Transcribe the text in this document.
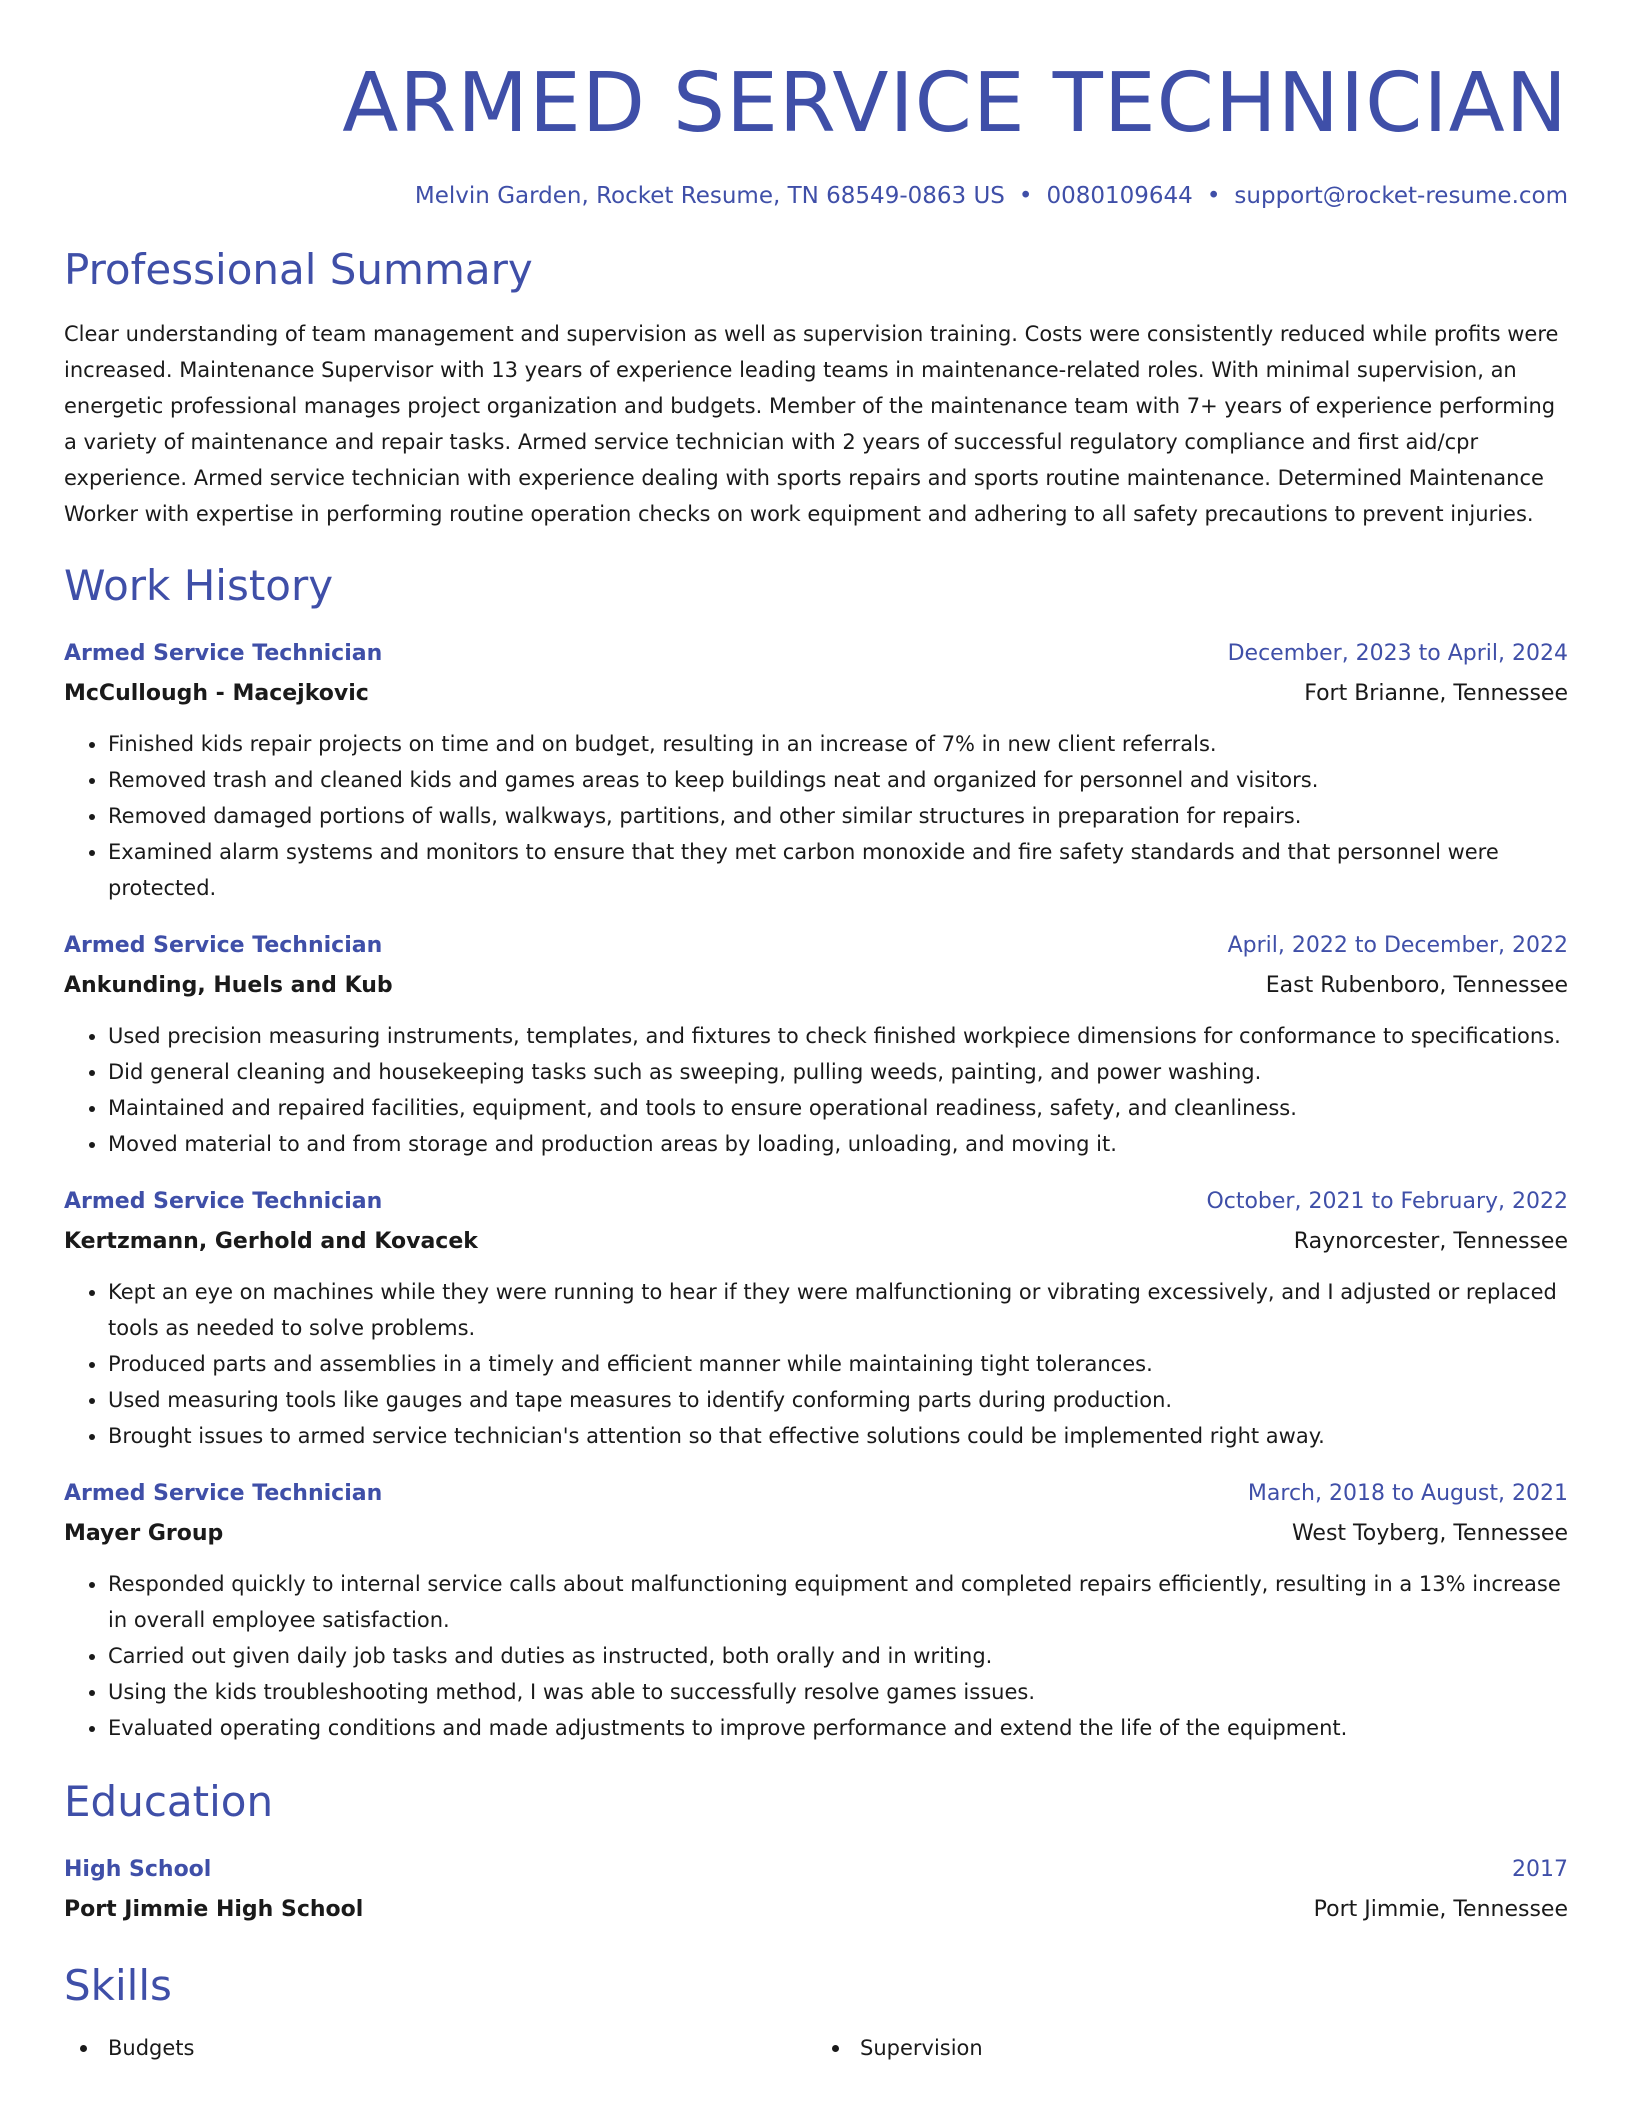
ARMED SERVICE TECHNICIAN
Melvin Garden, Rocket Resume, TN 68549-0863 US • 0080109644 • support@rocket-resume.com
Professional Summary

Clear understanding of team management and supervision as well as supervision training. Costs were consistently reduced while profits were increased. Maintenance Supervisor with 13 years of experience leading teams in maintenance-related roles. With minimal supervision, an energetic professional manages project organization and budgets. Member of the maintenance team with 7+ years of experience performing a variety of maintenance and repair tasks. Armed service technician with 2 years of successful regulatory compliance and first aid/cpr experience. Armed service technician with experience dealing with sports repairs and sports routine maintenance. Determined Maintenance Worker with expertise in performing routine operation checks on work equipment and adhering to all safety precautions to prevent injuries.

Work History
Armed Service Technician	December, 2023 to April, 2024
McCullough - Macejkovic	Fort Brianne, Tennessee
• Finished kids repair projects on time and on budget, resulting in an increase of 7% in new client referrals.
• Removed trash and cleaned kids and games areas to keep buildings neat and organized for personnel and visitors.
• Removed damaged portions of walls, walkways, partitions, and other similar structures in preparation for repairs.
• Examined alarm systems and monitors to ensure that they met carbon monoxide and fire safety standards and that personnel were protected.
Armed Service Technician	April, 2022 to December, 2022
Ankunding, Huels and Kub	East Rubenboro, Tennessee
• Used precision measuring instruments, templates, and fixtures to check finished workpiece dimensions for conformance to specifications.
• Did general cleaning and housekeeping tasks such as sweeping, pulling weeds, painting, and power washing.
• Maintained and repaired facilities, equipment, and tools to ensure operational readiness, safety, and cleanliness.
• Moved material to and from storage and production areas by loading, unloading, and moving it.
Armed Service Technician	October, 2021 to February, 2022
Kertzmann, Gerhold and Kovacek	Raynorcester, Tennessee
• Kept an eye on machines while they were running to hear if they were malfunctioning or vibrating excessively, and I adjusted or replaced tools as needed to solve problems.
• Produced parts and assemblies in a timely and efficient manner while maintaining tight tolerances.
• Used measuring tools like gauges and tape measures to identify conforming parts during production.
• Brought issues to armed service technician's attention so that effective solutions could be implemented right away.
Armed Service Technician	March, 2018 to August, 2021
Mayer Group	West Toyberg, Tennessee
• Responded quickly to internal service calls about malfunctioning equipment and completed repairs efficiently, resulting in a 13% increase in overall employee satisfaction.
• Carried out given daily job tasks and duties as instructed, both orally and in writing.
• Using the kids troubleshooting method, I was able to successfully resolve games issues.
• Evaluated operating conditions and made adjustments to improve performance and extend the life of the equipment.
Education
High School	2017
Port Jimmie High School	Port Jimmie, Tennessee
Skills
Budgets	Supervision
